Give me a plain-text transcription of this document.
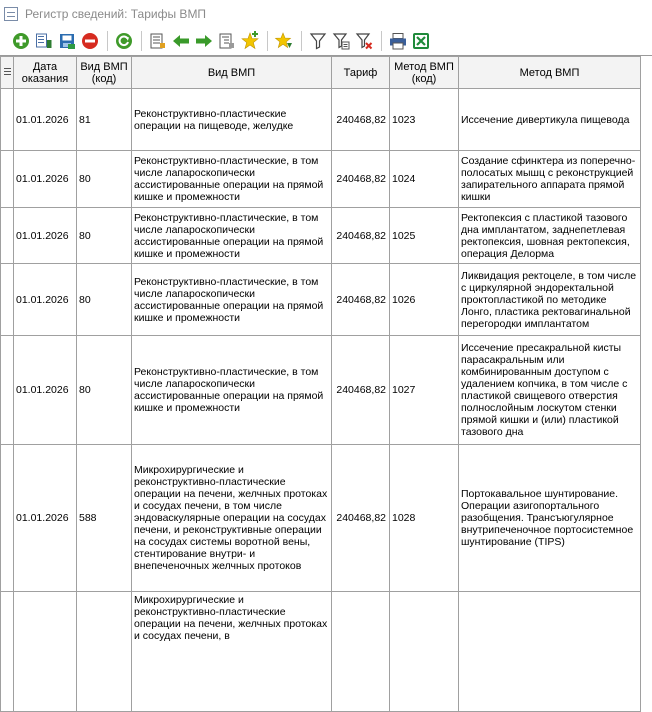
Регистр сведений: Тарифы ВМП
	Дата оказания	Вид ВМП (код)	Вид ВМП	Тариф	Метод ВМП (код)	Метод ВМП
	01.01.2026	81	Реконструктивно-пластические операции на пищеводе, желудке	240468,82	1023	Иссечение дивертикула пищевода
	01.01.2026	80	Реконструктивно-пластические, в том числе лапароскопически ассистированные операции на прямой кишке и промежности	240468,82	1024	Создание сфинктера из поперечно-полосатых мышц с реконструкцией запирательного аппарата прямой кишки
	01.01.2026	80	Реконструктивно-пластические, в том числе лапароскопически ассистированные операции на прямой кишке и промежности	240468,82	1025	Ректопексия с пластикой тазового дна имплантатом, заднепетлевая ректопексия, шовная ректопексия, операция Делорма
	01.01.2026	80	Реконструктивно-пластические, в том числе лапароскопически ассистированные операции на прямой кишке и промежности	240468,82	1026	Ликвидация ректоцеле, в том числе с циркулярной эндоректальной проктопластикой по методике Лонго, пластика ректовагинальной перегородки имплантатом
	01.01.2026	80	Реконструктивно-пластические, в том числе лапароскопически ассистированные операции на прямой кишке и промежности	240468,82	1027	Иссечение пресакральной кисты парасакральным или комбинированным доступом с удалением копчика, в том числе с пластикой свищевого отверстия полнослойным лоскутом стенки прямой кишки и (или) пластикой тазового дна
	01.01.2026	588	Микрохирургические и реконструктивно-пластические операции на печени, желчных протоках и сосудах печени, в том числе эндоваскулярные операции на сосудах печени, и реконструктивные операции на сосудах системы воротной вены, стентирование внутри- и внепеченочных желчных протоков	240468,82	1028	Портокавальное шунтирование. Операции азигопортального разобщения. Трансъюгулярное внутрипеченочное портосистемное шунтирование (TIPS)
			Микрохирургические и реконструктивно-пластические операции на печени, желчных протоках и сосудах печени, в			
